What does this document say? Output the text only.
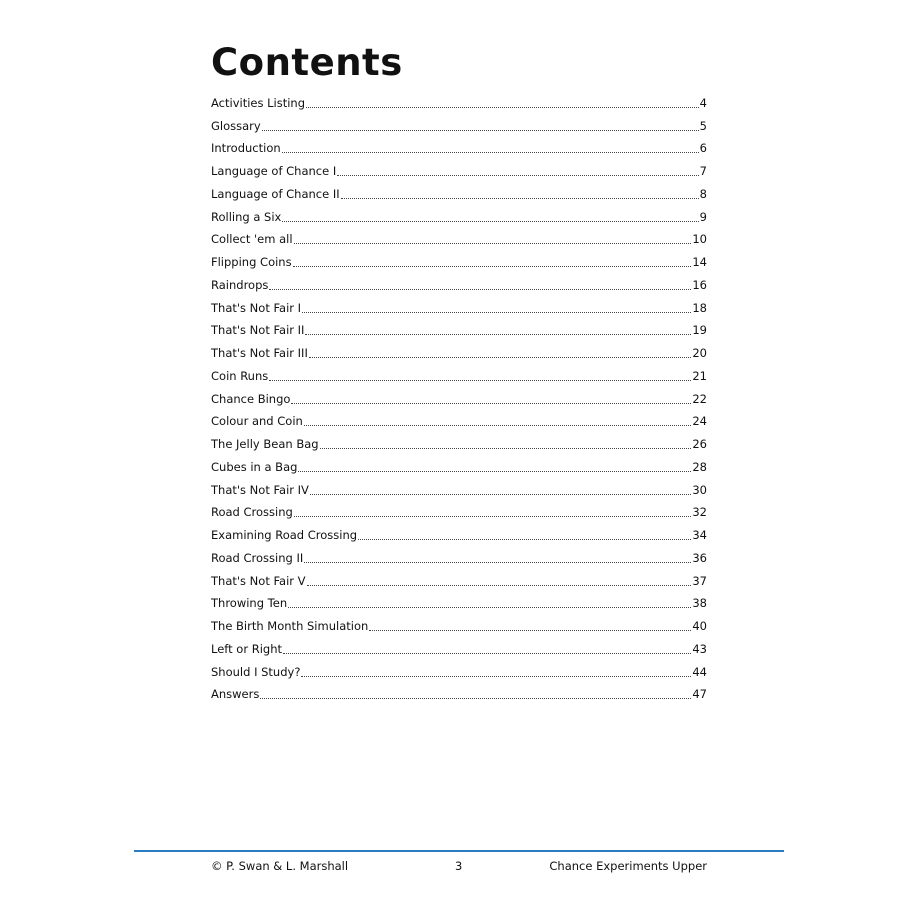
Contents
Activities Listing	4
Glossary	5
Introduction	6
Language of Chance I	7
Language of Chance II	8
Rolling a Six	9
Collect 'em all	10
Flipping Coins	14
Raindrops	16
That's Not Fair I	18
That's Not Fair II	19
That's Not Fair III	20
Coin Runs	21
Chance Bingo	22
Colour and Coin	24
The Jelly Bean Bag	26
Cubes in a Bag	28
That's Not Fair IV	30
Road Crossing	32
Examining Road Crossing	34
Road Crossing II	36
That's Not Fair V	37
Throwing Ten	38
The Birth Month Simulation	40
Left or Right	43
Should I Study?	44
Answers	47
© P. Swan & L. Marshall	3	Chance Experiments Upper
